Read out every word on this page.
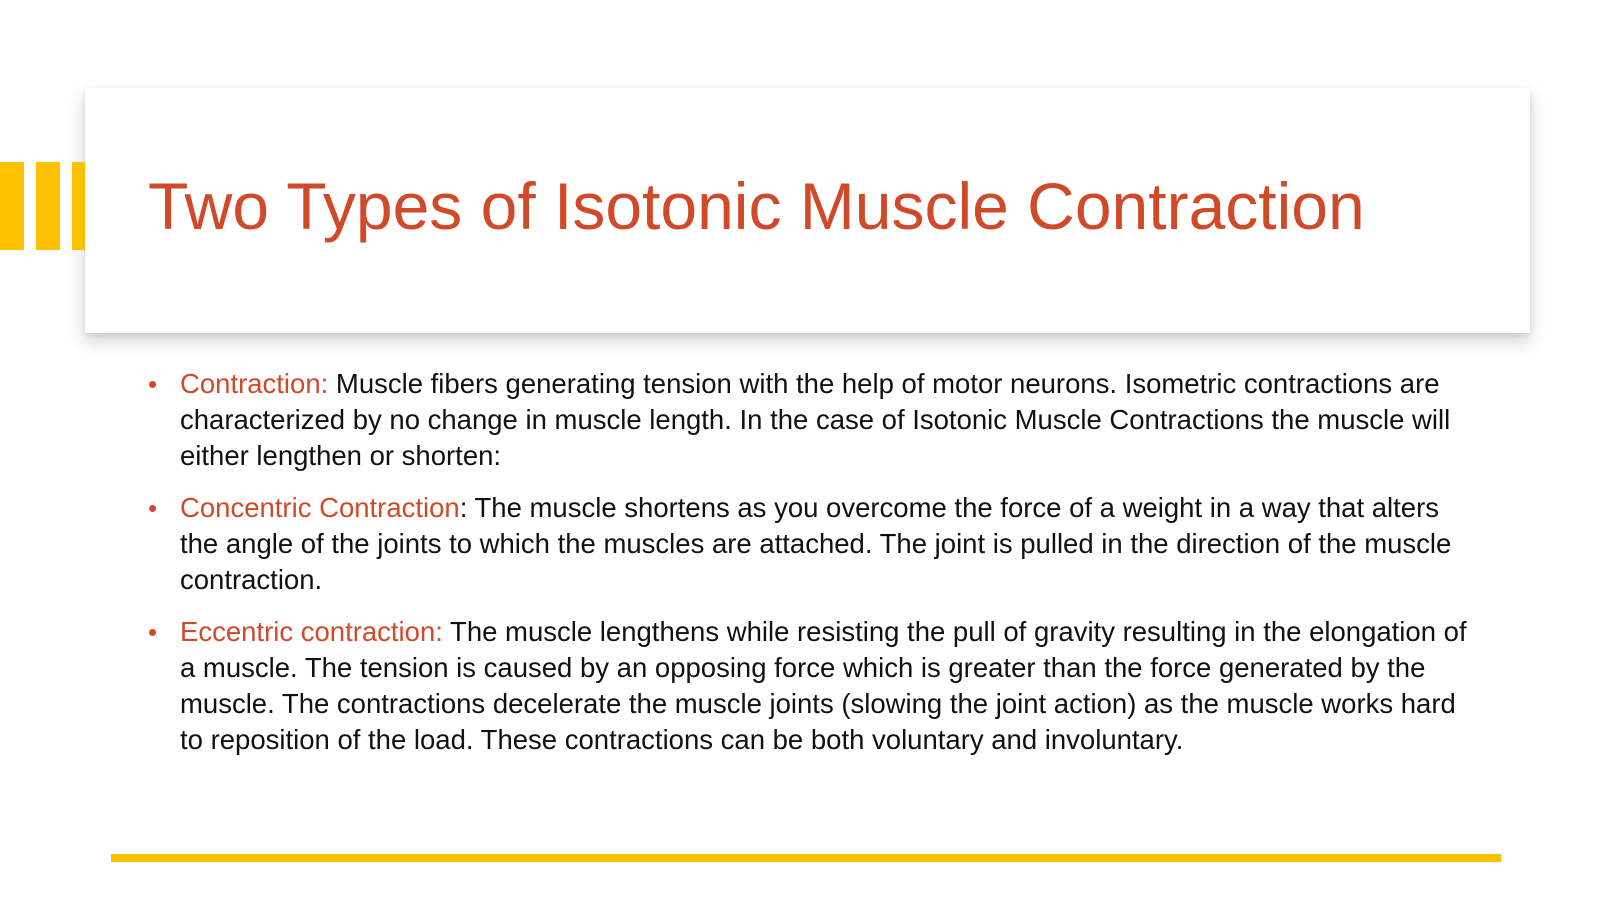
Two Types of Isotonic Muscle Contraction
• Contraction: Muscle fibers generating tension with the help of motor neurons. Isometric contractions are characterized by no change in muscle length. In the case of Isotonic Muscle Contractions the muscle will either lengthen or shorten:
• Concentric Contraction: The muscle shortens as you overcome the force of a weight in a way that alters the angle of the joints to which the muscles are attached. The joint is pulled in the direction of the muscle contraction.
• Eccentric contraction: The muscle lengthens while resisting the pull of gravity resulting in the elongation of a muscle. The tension is caused by an opposing force which is greater than the force generated by the muscle. The contractions decelerate the muscle joints (slowing the joint action) as the muscle works hard to reposition of the load. These contractions can be both voluntary and involuntary.
